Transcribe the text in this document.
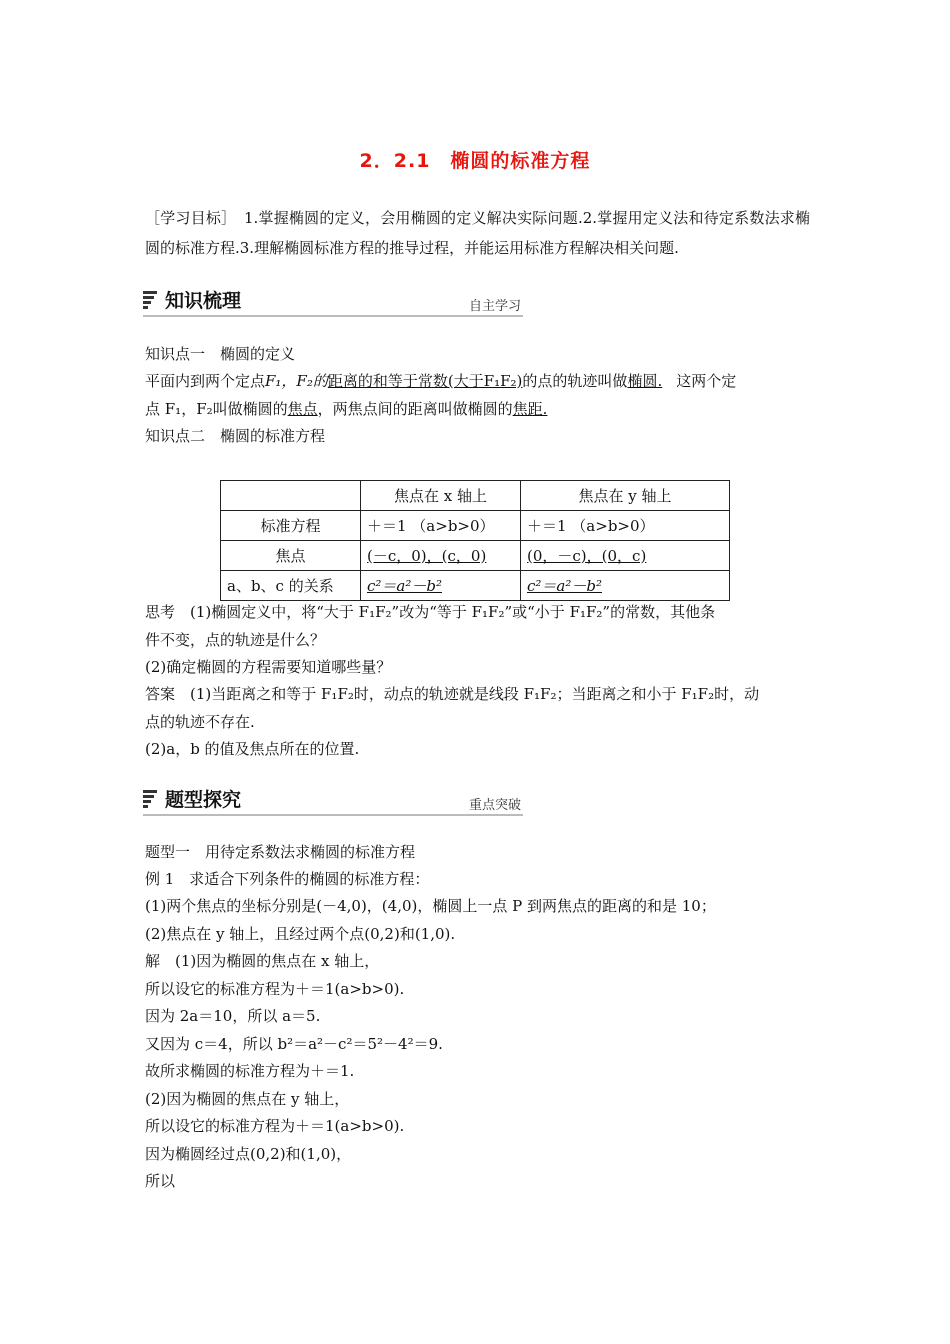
2．2.1　椭圆的标准方程
［学习目标］　1.掌握椭圆的定义，会用椭圆的定义解决实际问题.2.掌握用定义法和待定系数法求椭圆的标准方程.3.理解椭圆标准方程的推导过程，并能运用标准方程解决相关问题.
知识梳理	自主学习
知识点一　椭圆的定义
平面内到两个定点F₁，F₂的距离的和等于常数(大于F₁F₂)的点的轨迹叫做椭圆. 这两个定
点 F₁，F₂叫做椭圆的焦点，两焦点间的距离叫做椭圆的焦距.
知识点二　椭圆的标准方程
	焦点在 x 轴上	焦点在 y 轴上
标准方程	＋＝1 （a>b>0）	＋＝1 （a>b>0）
焦点	(－c，0)，(c，0)	(0，－c)，(0，c)
a、b、c 的关系	c²＝a²－b²	c²＝a²－b²
思考　(1)椭圆定义中，将“大于 F₁F₂”改为“等于 F₁F₂”或“小于 F₁F₂”的常数，其他条
件不变，点的轨迹是什么？
(2)确定椭圆的方程需要知道哪些量？
答案　(1)当距离之和等于 F₁F₂时，动点的轨迹就是线段 F₁F₂；当距离之和小于 F₁F₂时，动
点的轨迹不存在.
(2)a，b 的值及焦点所在的位置.
题型探究	重点突破
题型一　用待定系数法求椭圆的标准方程
例 1　求适合下列条件的椭圆的标准方程：
(1)两个焦点的坐标分别是(－4,0)，(4,0)，椭圆上一点 P 到两焦点的距离的和是 10；
(2)焦点在 y 轴上，且经过两个点(0,2)和(1,0).
解　(1)因为椭圆的焦点在 x 轴上，
所以设它的标准方程为＋＝1(a>b>0).
因为 2a＝10，所以 a＝5.
又因为 c＝4，所以 b²＝a²－c²＝5²－4²＝9.
故所求椭圆的标准方程为＋＝1.
(2)因为椭圆的焦点在 y 轴上，
所以设它的标准方程为＋＝1(a>b>0).
因为椭圆经过点(0,2)和(1,0)，
所以
